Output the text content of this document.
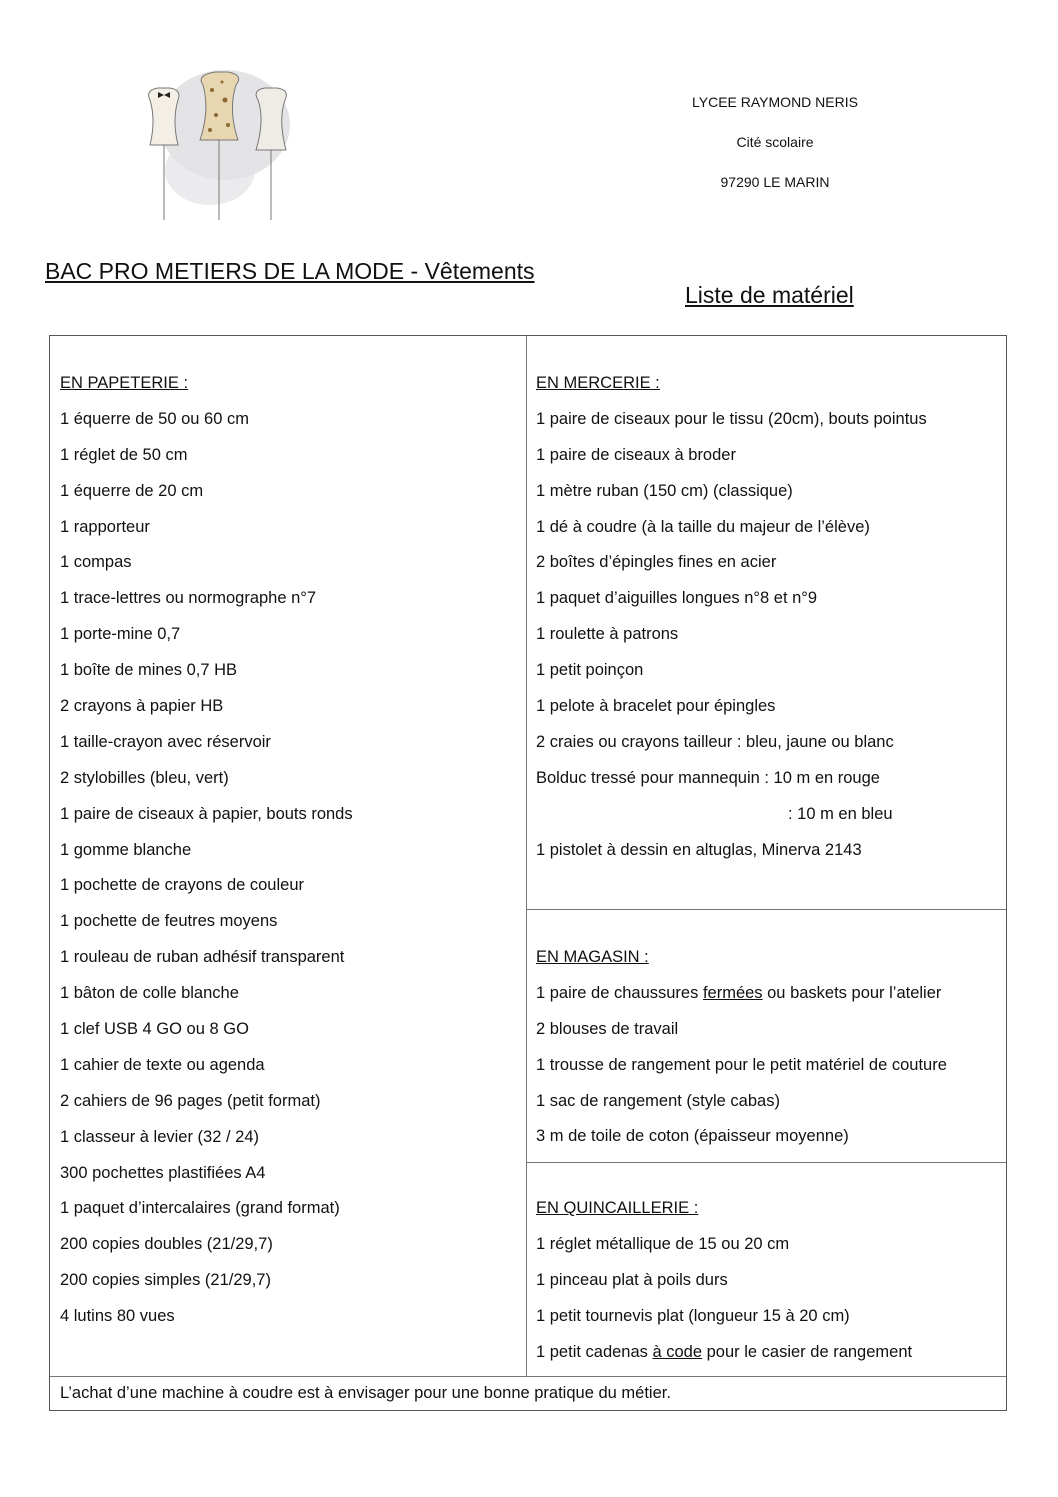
LYCEE RAYMOND NERIS
Cité scolaire
97290 LE MARIN
BAC PRO METIERS DE LA MODE - Vêtements
Liste de matériel
EN PAPETERIE :
1 équerre de 50 ou 60 cm
1 réglet de 50 cm
1 équerre de 20 cm
1 rapporteur
1 compas
1 trace-lettres ou normographe n°7
1 porte-mine 0,7
1 boîte de mines 0,7 HB
2 crayons à papier HB
1 taille-crayon avec réservoir
2 stylobilles (bleu, vert)
1 paire de ciseaux à papier, bouts ronds
1 gomme blanche
1 pochette de crayons de couleur
1 pochette de feutres moyens
1 rouleau de ruban adhésif transparent
1 bâton de colle blanche
1 clef USB 4 GO ou 8 GO
1 cahier de texte ou agenda
2 cahiers de 96 pages (petit format)
1 classeur à levier (32 / 24)
300 pochettes plastifiées A4
1 paquet d’intercalaires (grand format)
200 copies doubles (21/29,7)
200 copies simples (21/29,7)
4 lutins 80 vues
EN MERCERIE :
1 paire de ciseaux pour le tissu (20cm), bouts pointus
1 paire de ciseaux à broder
1 mètre ruban (150 cm) (classique)
1 dé à coudre (à la taille du majeur de l’élève)
2 boîtes d’épingles fines en acier
1 paquet d’aiguilles longues n°8 et n°9
1 roulette à patrons
1 petit poinçon
1 pelote à bracelet pour épingles
2 craies ou crayons tailleur : bleu, jaune ou blanc
Bolduc tressé pour mannequin : 10 m en rouge
: 10 m en bleu
1 pistolet à dessin en altuglas, Minerva 2143
EN MAGASIN :
1 paire de chaussures fermées ou baskets pour l’atelier
2 blouses de travail
1 trousse de rangement pour le petit matériel de couture
1 sac de rangement (style cabas)
3 m de toile de coton (épaisseur moyenne)
EN QUINCAILLERIE :
1 réglet métallique de 15 ou 20 cm
1 pinceau plat à poils durs
1 petit tournevis plat (longueur 15 à 20 cm)
1 petit cadenas à code pour le casier de rangement
L’achat d’une machine à coudre est à envisager pour une bonne pratique du métier.
